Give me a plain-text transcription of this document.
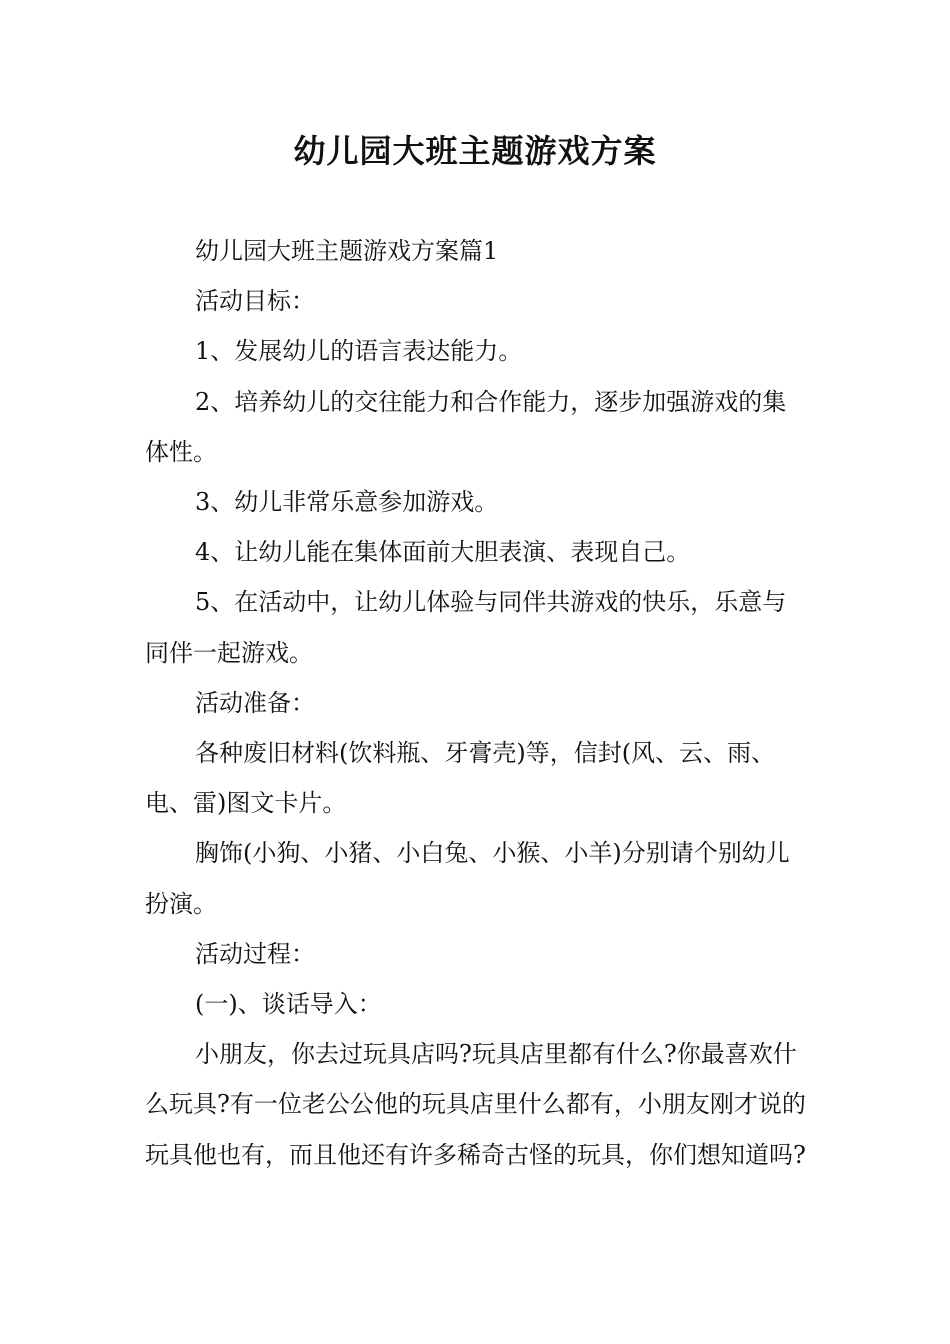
幼儿园大班主题游戏方案

幼儿园大班主题游戏方案篇1

活动目标：

1、发展幼儿的语言表达能力。

2、培养幼儿的交往能力和合作能力，逐步加强游戏的集体性。

3、幼儿非常乐意参加游戏。

4、让幼儿能在集体面前大胆表演、表现自己。

5、在活动中，让幼儿体验与同伴共游戏的快乐，乐意与同伴一起游戏。

活动准备：

各种废旧材料(饮料瓶、牙膏壳)等，信封(风、云、雨、电、雷)图文卡片。

胸饰(小狗、小猪、小白兔、小猴、小羊)分别请个别幼儿扮演。

活动过程：

(一)、谈话导入：

小朋友，你去过玩具店吗?玩具店里都有什么?你最喜欢什么玩具?有一位老公公他的玩具店里什么都有，小朋友刚才说的玩具他也有，而且他还有许多稀奇古怪的玩具，你们想知道吗?
